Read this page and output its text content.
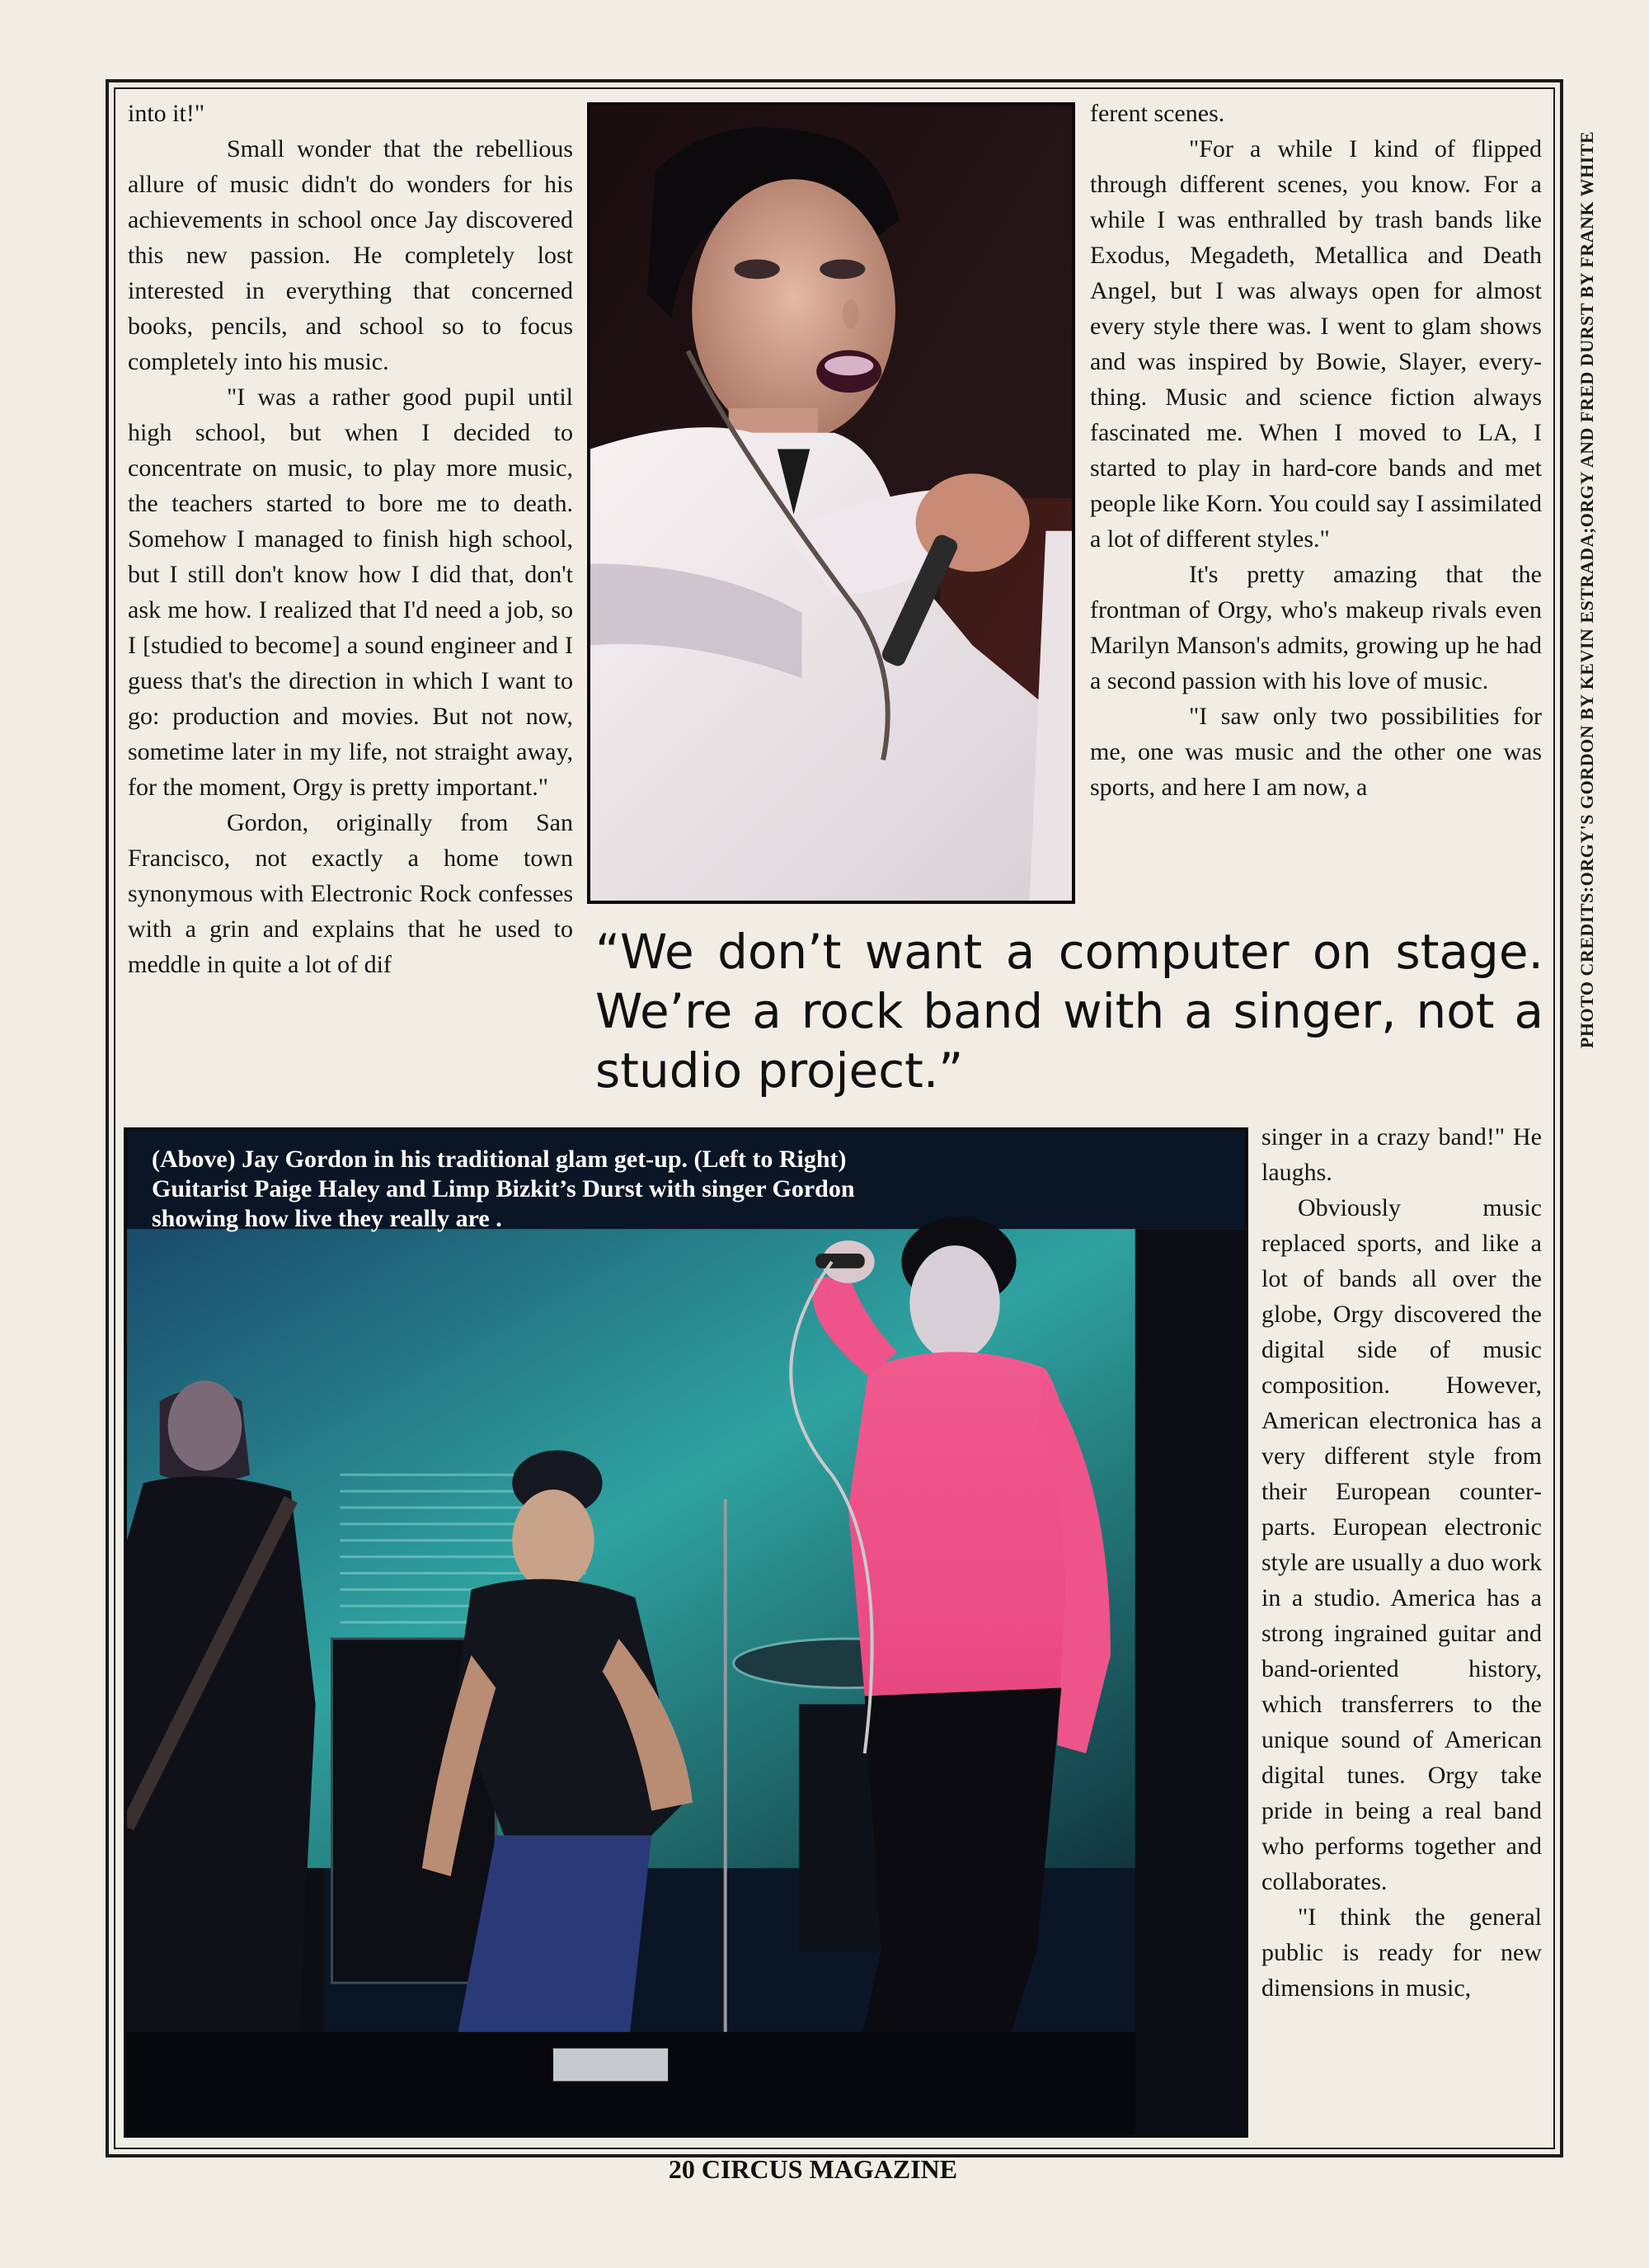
into it!"

Small wonder that the rebellious allure of music didn't do wonders for his achievements in school once Jay discovered this new passion. He completely lost interested in everything that concerned books, pencils, and school so to focus completely into his music.

"I was a rather good pupil until high school, but when I decided to concentrate on music, to play more music, the teachers started to bore me to death. Somehow I managed to finish high school, but I still don't know how I did that, don't ask me how. I realized that I'd need a job, so I [studied to become] a sound engineer and I guess that's the direction in which I want to go: production and movies. But not now, sometime later in my life, not straight away, for the moment, Orgy is pretty important."

Gordon, originally from San Francisco, not exactly a home town synonymous with Electronic Rock confesses with a grin and explains that he used to meddle in quite a lot of dif

ferent scenes.

"For a while I kind of flipped through different scenes, you know. For a while I was enthralled by trash bands like Exodus, Megadeth, Metallica and Death Angel, but I was always open for almost every style there was. I went to glam shows and was inspired by Bowie, Slayer, everything. Music and science fiction always fascinated me. When I moved to LA, I started to play in hard-core bands and met people like Korn. You could say I assimilated a lot of different styles."

It's pretty amazing that the frontman of Orgy, who's makeup rivals even Marilyn Manson's admits, growing up he had a second passion with his love of music.

"I saw only two possibilities for me, one was music and the other one was sports, and here I am now, a

“We don’t want a computer on stage. We’re a rock band with a singer, not a studio project.”

(Above) Jay Gordon in his traditional glam get-up. (Left to Right) Guitarist Paige Haley and Limp Bizkit’s Durst with singer Gordon showing how live they really are .

singer in a crazy band!" He laughs.

Obviously music replaced sports, and like a lot of bands all over the globe, Orgy discovered the digital side of music composition. However, American electronica has a very different style from their European counterparts. European electronic style are usually a duo work in a studio. America has a strong ingrained guitar and band-oriented history, which transferrers to the unique sound of American digital tunes. Orgy take pride in being a real band who performs together and collaborates.

"I think the general public is ready for new dimensions in music,

PHOTO CREDITS:ORGY'S GORDON BY KEVIN ESTRADA;ORGY AND FRED DURST BY FRANK WHITE

20 CIRCUS MAGAZINE
